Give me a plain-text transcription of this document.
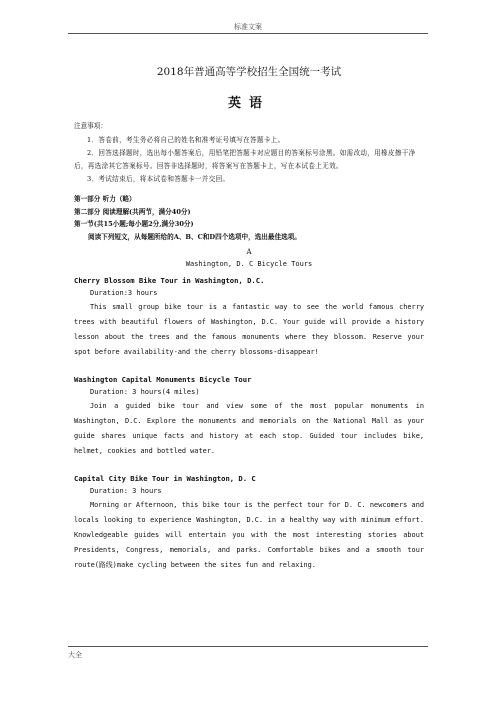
标准文案

2018年普通高等学校招生全国统一考试

英语

注意事项：

1．答卷前，考生务必将自己的姓名和准考证号填写在答题卡上。

2．回答选择题时，选出每小题答案后，用铅笔把答题卡对应题目的答案标号涂黑。如需改动，用橡皮擦干净后，再选涂其它答案标号。回答非选择题时，将答案写在答题卡上，写在本试卷上无效。

3．考试结束后，将本试卷和答题卡一并交回。

第一部分 听力（略）

第二部分 阅读理解(共两节，满分40分)

第一节(共15小题;每小题2分,满分30分)

阅读下列短文，从每题所给的A、B、C和D四个选项中，选出最佳选项。

A

Washington, D. C Bicycle Tours

Cherry Blossom Bike Tour in Washington, D.C.

Duration:3 hours

This small group bike tour is a fantastic way to see the world famous cherry trees with beautiful flowers of Washington, D.C. Your guide will provide a history lesson about the trees and the famous monuments where they blossom. Reserve your spot before availability-and the cherry blossoms-disappear!

Washington Capital Monuments Bicycle Tour

Duration: 3 hours(4 miles)

Join a guided bike tour and view some of the most popular monuments in Washington, D.C. Explore the monuments and memorials on the National Mall as your guide shares unique facts and history at each stop. Guided tour includes bike, helmet, cookies and bottled water.

Capital City Bike Tour in Washington, D. C

Duration: 3 hours

Morning or Afternoon, this bike tour is the perfect tour for D. C. newcomers and locals looking to experience Washington, D.C. in a healthy way with minimum effort. Knowledgeable guides will entertain you with the most interesting stories about Presidents, Congress, memorials, and parks. Comfortable bikes and a smooth tour route(路线)make cycling between the sites fun and relaxing.

大全
